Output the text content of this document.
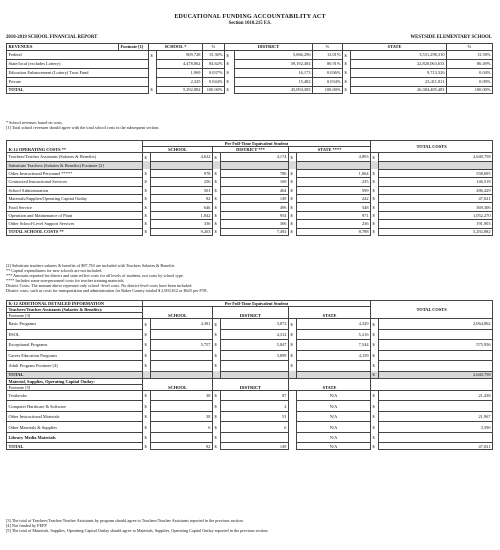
EDUCATIONAL FUNDING ACCOUNTABILITY ACT
Section 1010.215 F.S.
2018-2019 SCHOOL FINANCIAL REPORT	WESTSIDE ELEMENTARY SCHOOL
REVENUES	Footnote [1]	SCHOOL *		%	DISTRICT		%	STATE		%
Federal		$	809,728	15.30%	$	5,866,296	13.01%	$	3,531,298,310	13.58%
State/local (excludes Lottery)			4,478,862	84.62%	$	39,192,484	86.91%	$	22,820,063,633	86.49%
Education Enhancement (Lottery) Trust Fund			1,969	0.037%	$	16,173	0.036%	$	9,713,326	0.04%
Private			2,325	0.044%	$	15,482	0.034%	$	23,411,811	0.09%
TOTAL		$	5,292,882	100.00%	$	45,094,385	100.00%	$	26,384,485,483	100.00%
* School revenues based on costs.
[1] Total school revenues should agree with the total school costs in the subsequent section.
K-12 OPERATING COSTS **	Per Full-Time Equivalent Student						TOTAL COSTS	
	SCHOOL		DISTRICT ***		STATE ****			
Teachers/Teacher Assistants (Salaries & Benefits)	$	4,622	$	4,174	$	4,893	$	2,640,758
Substitute Teachers (Salaries & Benefits) Footnote [2]								
Other Instructional Personnel *****	$	978	$	780	$	1,064	$	558,695
Contracted Instructional Services	$	256	$	169	$	235	$	146,518
School Administration	$	501	$	464	$	599	$	286,429
Materials/Supplies/Operating Capital Outlay	$	82	$	149	$	242	$	47,021
Food Service	$	646	$	496	$	548	$	369,306
Operation and Maintenance of Plant	$	1,842	$	954	$	971	$	1,052,270
Other School-Level Support Services	$	336	$	306	$	236	$	191,903
TOTAL SCHOOL COSTS **	$	9,263	$	7,492	$	8,788	$	5,292,882
[2] Substitute teachers salaries & benefits of $97,763 are included with Teachers Salaries & Benefits
** Capital expenditures for new schools are not included.
*** Amounts reported for district and state reflect costs for all levels of students, not costs by school type.
**** Includes some non-personnel costs for teacher training materials.
District Costs: The amount above represent only school -level costs. No district-level costs have been included.
District costs, such as costs for transportation and administration for Baker County totaled $ 2,903,612 or $625 per FTE.
K-12 ADDITIONAL DETAILED INFORMATION	Per Full-Time Equivalent Student						TOTAL COSTS	
Teachers/Teacher Assistants (Salaries & Benefits):	SCHOOL		DISTRICT		STATE			
Footnote [3]								
Basic Programs	$	4,381	$	3,872	$	4,329	$	2,064,802
ESOL	$		$	4,312	$	5,216	$	
Exceptional Programs	$	5,757	$	5,847	$	7,544	$	575,956
Career Education Programs	$		$	3,899	$	4,159	$	
Adult Program Footnote [4]	$		$		$		$	
TOTAL							$	2,640,758
Material, Supplies, Operating Capital Outlay:	SCHOOL		DISTRICT		STATE			
Footnote [5]								
Textbooks	$	38	$	87		N/A	$	21,438
Computer Hardware & Software	$		$	2		N/A	$	
Other Instructional Materials	$	38	$	51		N/A	$	21,967
Other Materials & Supplies	$	6	$	6		N/A	$	3,596
Library Media Materials	$		$			N/A	$	
TOTAL	$	82	$	149		N/A	$	47,021
[3] The total of Teachers/Teacher/Teacher Assistants by program should agree to Teachers/Teacher Assistants reported in the previous section.
[4] Not funded by FEFP
[5] The total of Materials, Supplies, Operating Capital Outlay should agree to Materials, Supplies, Operating Capital Outlay reported in the previous section.
